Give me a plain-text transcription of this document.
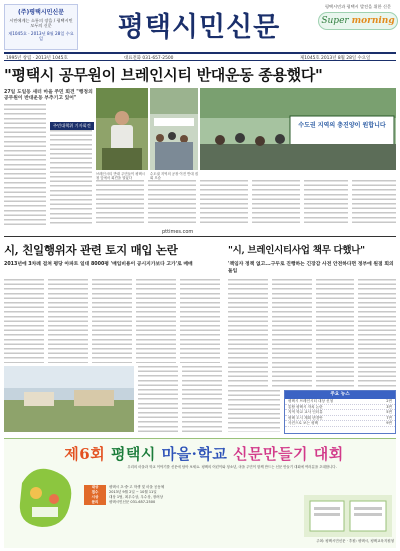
(주)평택시민신문
시민에게는 소통의 장을 / 평택시민 모두의 신문
제1045호 · 2013년 8월 28일 수요일	평택시민신문
평택시민과 평택시 발전을 위한 신문
Super morning
1995년 창립 · 2013년 1045호	대표전화 031-657-2500	제1045호 2013년 8월 28일 수요일
"평택시 공무원이 브레인시티 반대운동 종용했다"
27일 도일동 새터 마을 주민 회견 "행정의 공무원이 반대운동 부추기고 있어"
주민대책위 기자회견
브레인시티 반대 주민들이 평택시청 앞에서 회견을 열었다
수도권 지역의 공장 이전 반대 집회 모습
수도권 지역의 충진양이 원합니다
pttimes.com
시, 친일행위자 관련 토지 매입 논란
2013년에 3차례 걸쳐 평당 아파트 일대 8000평 '매입비용이 공시지가보다 고가'로 매매
"시, 브레인시티사업 책무 다했나"
'책임자 정책 없고...구두로 진행하는 긴장감 사전 안전하다면 정부에 원점 회의 돌입
주요 뉴스
평택시 브레인시티 대상 신청	2면
통합 평택시 자치 논란	3면
지역 학교 교사 인터뷰	5면
평택 도시 계획 변경안	7면
사진으로 보는 평택	9면
제6회 평택시 마을·학교 신문만들기 대회
우리의 마을과 학교 이야기를 신문에 담아 보세요. 평택의 어린이와 청소년, 마을 주민이 함께 만드는 신문 만들기 대회에 여러분을 초대합니다.
대상	평택시 초·중·고 학생 및 마을 공동체
접수	2013년 9월 2일 ~ 10월 11일
시상	대상 1팀, 최우수상, 우수상, 장려상
문의	평택시민신문 031-657-2500
주최: 평택시민신문 · 후원: 평택시, 평택교육지원청
